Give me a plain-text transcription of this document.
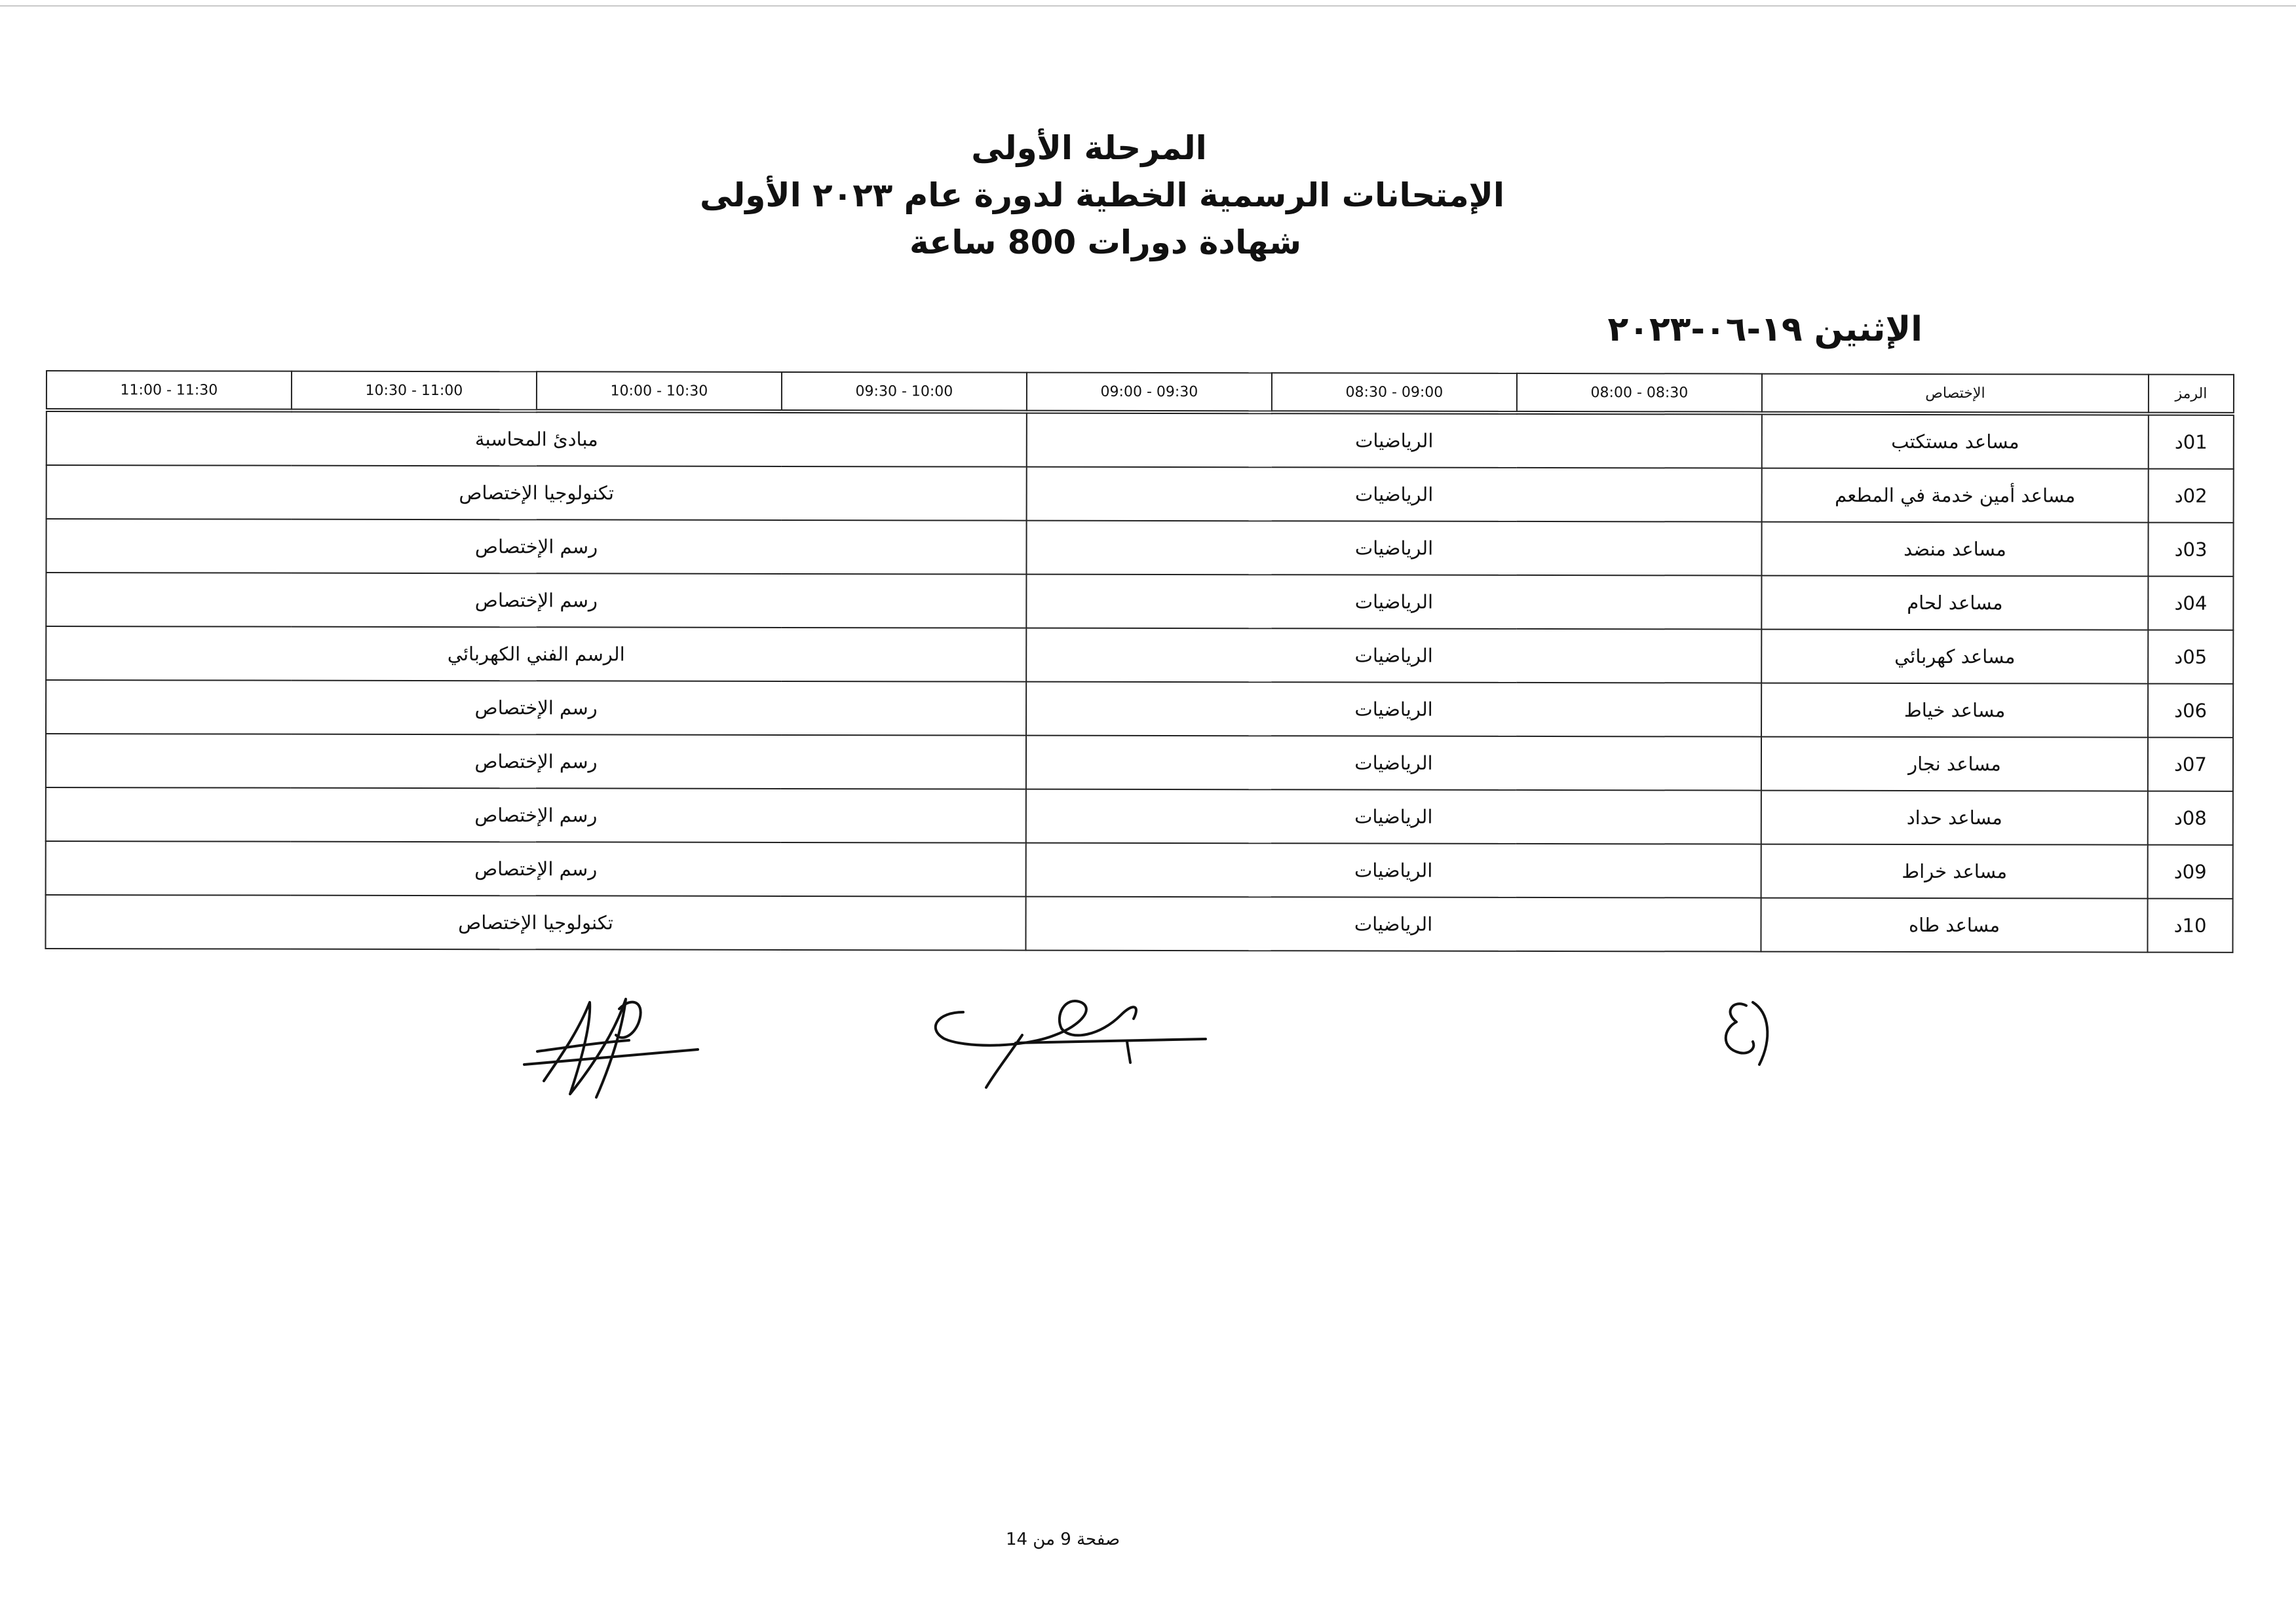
المرحلة الأولى
الإمتحانات الرسمية الخطية لدورة عام ٢٠٢٣ الأولى
شهادة دورات 800 ساعة
الإثنين ١٩-٠٦-٢٠٢٣
الرمز	الإختصاص	08:30 - 08:00	09:00 - 08:30	09:30 - 09:00	10:00 - 09:30	10:30 - 10:00	11:00 - 10:30	11:30 - 11:00
01د	مساعد مستكتب	الرياضيات			مبادئ المحاسبة			
02د	مساعد أمين خدمة في المطعم	الرياضيات			تكنولوجيا الإختصاص			
03د	مساعد منضد	الرياضيات			رسم الإختصاص			
04د	مساعد لحام	الرياضيات			رسم الإختصاص			
05د	مساعد كهربائي	الرياضيات			الرسم الفني الكهربائي			
06د	مساعد خياط	الرياضيات			رسم الإختصاص			
07د	مساعد نجار	الرياضيات			رسم الإختصاص			
08د	مساعد حداد	الرياضيات			رسم الإختصاص			
09د	مساعد خراط	الرياضيات			رسم الإختصاص			
10د	مساعد طاه	الرياضيات			تكنولوجيا الإختصاص			
صفحة 9 من 14
